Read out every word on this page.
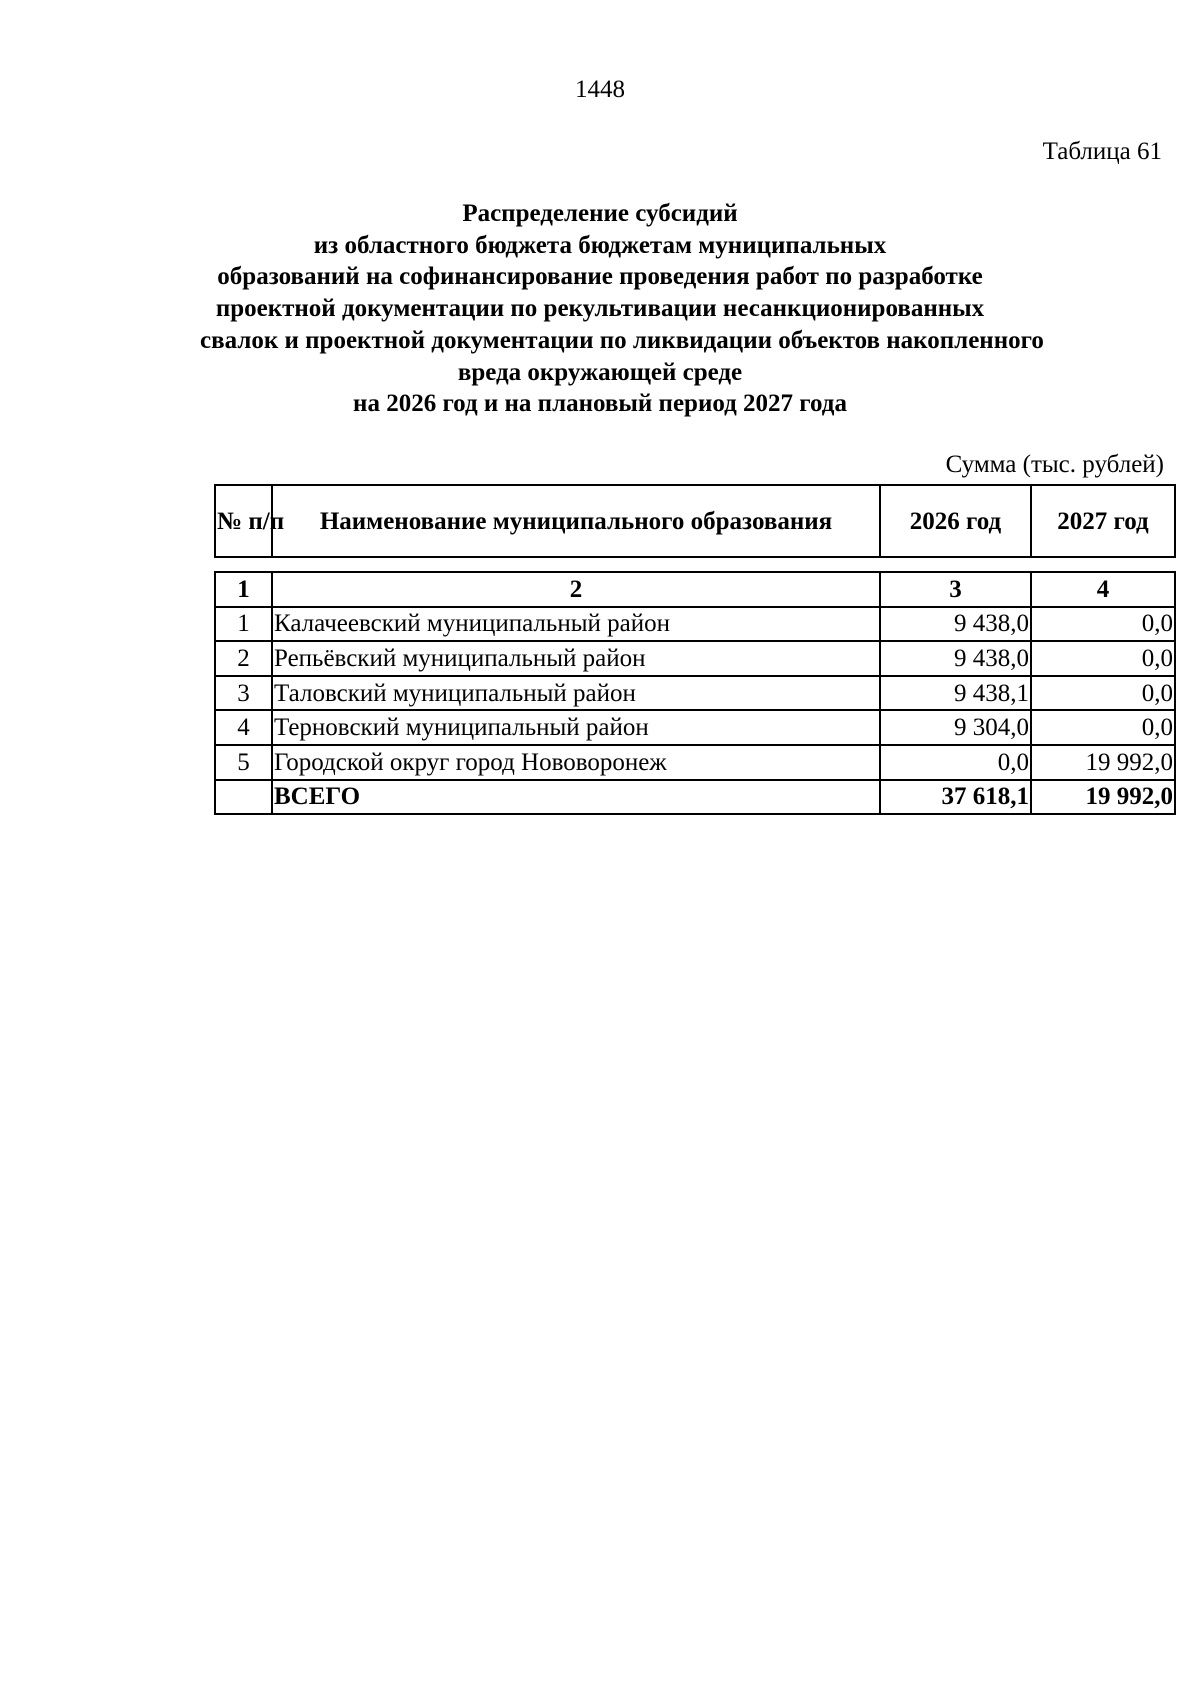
1448
Таблица 61
Распределение субсидий
из областного бюджета бюджетам муниципальных
образований на софинансирование проведения работ по разработке
проектной документации по рекультивации несанкционированных
свалок и проектной документации по ликвидации объектов накопленного
вреда окружающей среде
на 2026 год и на плановый период 2027 года
Сумма (тыс. рублей)
№ п/п	Наименование муниципального образования	2026 год	2027 год
1	2	3	4
1	Калачеевский муниципальный район	9 438,0	0,0
2	Репьёвский муниципальный район	9 438,0	0,0
3	Таловский муниципальный район	9 438,1	0,0
4	Терновский муниципальный район	9 304,0	0,0
5	Городской округ город Нововоронеж	0,0	19 992,0
	ВСЕГО	37 618,1	19 992,0
